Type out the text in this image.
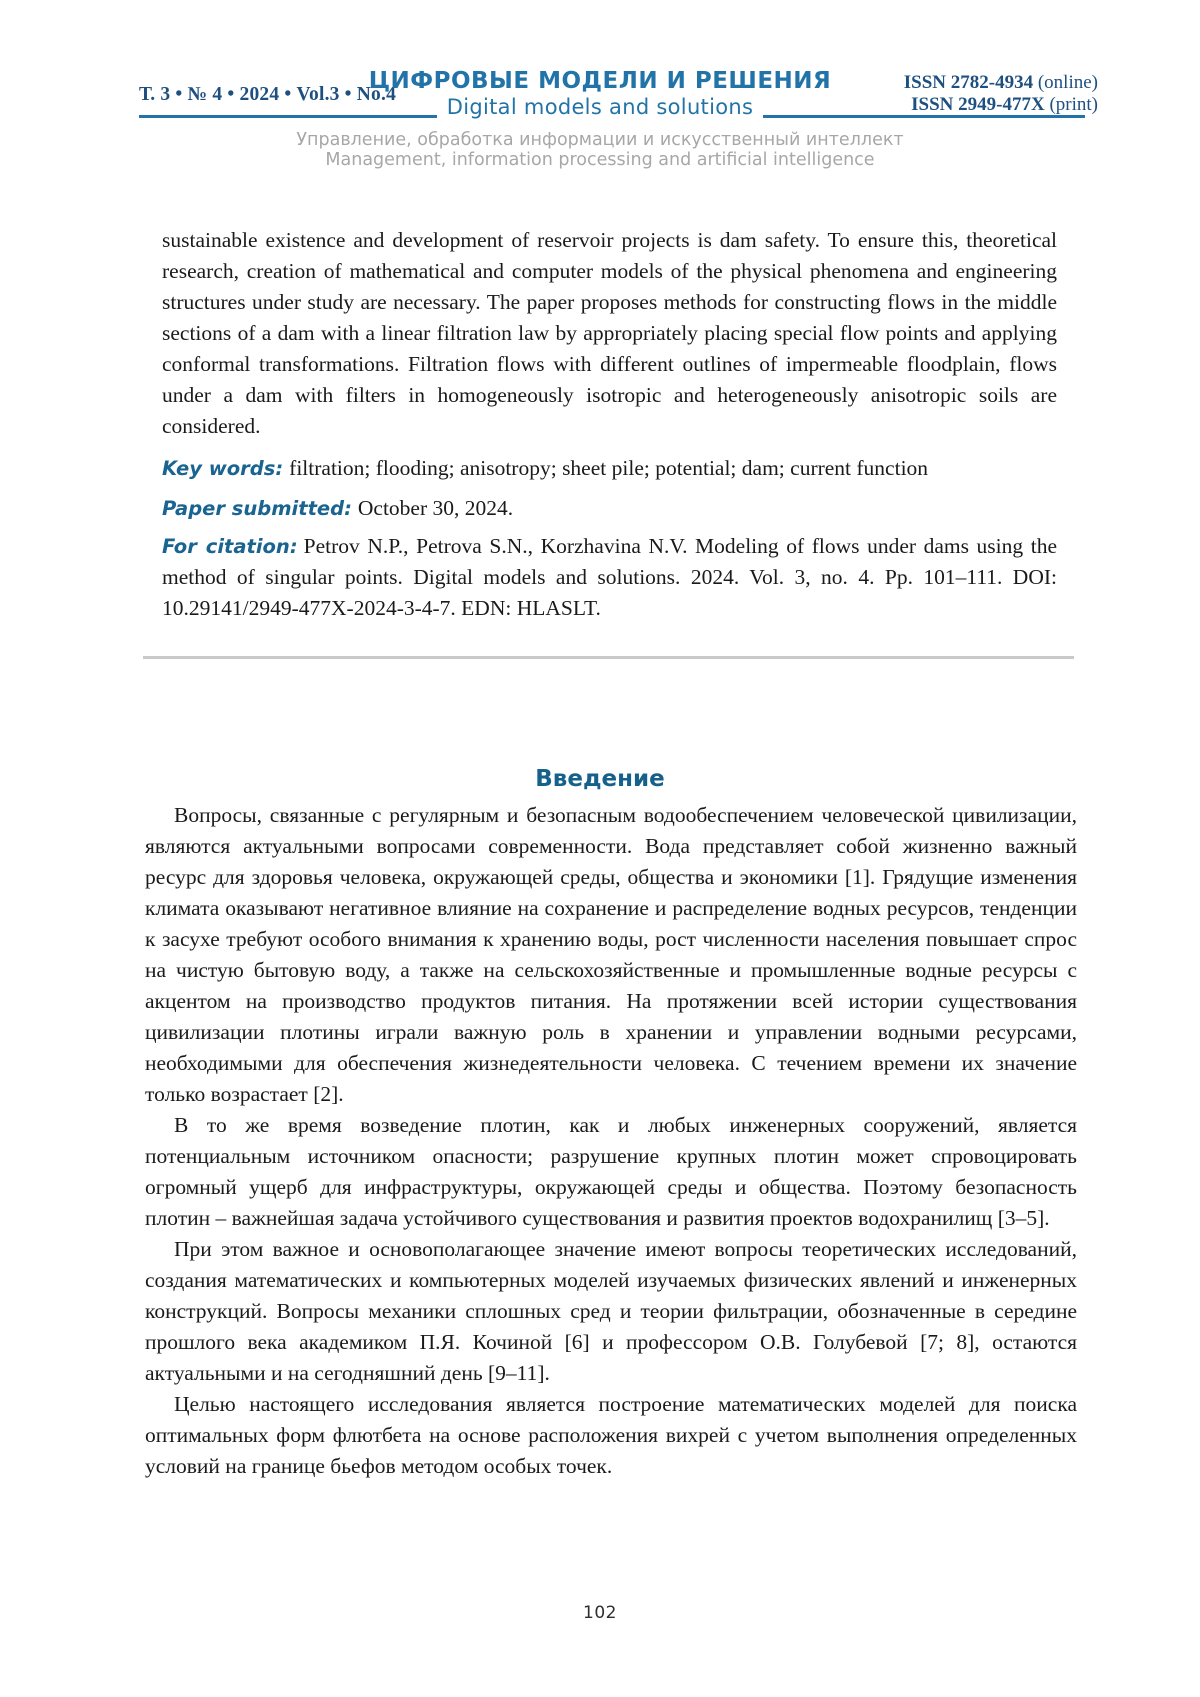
Т. 3 • № 4 • 2024 • Vol.3 • No.4
ЦИФРОВЫЕ МОДЕЛИ И РЕШЕНИЯ
Digital models and solutions
ISSN 2782-4934 (online)
ISSN 2949-477X (print)
Управление, обработка информации и искусственный интеллект
Management, information processing and artificial intelligence

sustainable existence and development of reservoir projects is dam safety. To ensure this, theoretical research, creation of mathematical and computer models of the physical phenomena and engineering structures under study are necessary. The paper proposes methods for constructing flows in the middle sections of a dam with a linear filtration law by appropriately placing special flow points and applying conformal transformations. Filtration flows with different outlines of impermeable floodplain, flows under a dam with filters in homogeneously isotropic and heterogeneously anisotropic soils are considered.

Key words: filtration; flooding; anisotropy; sheet pile; potential; dam; current function

Paper submitted: October 30, 2024.

For citation: Petrov N.P., Petrova S.N., Korzhavina N.V. Modeling of flows under dams using the method of singular points. Digital models and solutions. 2024. Vol. 3, no. 4. Pp. 101–111. DOI: 10.29141/2949-477X-2024-3-4-7. EDN: HLASLT.

Введение

Вопросы, связанные с регулярным и безопасным водообеспечением человеческой цивилизации, являются актуальными вопросами современности. Вода представляет собой жизненно важный ресурс для здоровья человека, окружающей среды, общества и экономики [1]. Грядущие изменения климата оказывают негативное влияние на сохранение и распределение водных ресурсов, тенденции к засухе требуют особого внимания к хранению воды, рост численности населения повышает спрос на чистую бытовую воду, а также на сельскохозяйственные и промышленные водные ресурсы с акцентом на производство продуктов питания. На протяжении всей истории существования цивилизации плотины играли важную роль в хранении и управлении водными ресурсами, необходимыми для обеспечения жизнедеятельности человека. С течением времени их значение только возрастает [2].

В то же время возведение плотин, как и любых инженерных сооружений, является потенциальным источником опасности; разрушение крупных плотин может спровоцировать огромный ущерб для инфраструктуры, окружающей среды и общества. Поэтому безопасность плотин – важнейшая задача устойчивого существования и развития проектов водохранилищ [3–5].

При этом важное и основополагающее значение имеют вопросы теоретических исследований, создания математических и компьютерных моделей изучаемых физических явлений и инженерных конструкций. Вопросы механики сплошных сред и теории фильтрации, обозначенные в середине прошлого века академиком П.Я. Кочиной [6] и профессором О.В. Голубевой [7; 8], остаются актуальными и на сегодняшний день [9–11].

Целью настоящего исследования является построение математических моделей для поиска оптимальных форм флютбета на основе расположения вихрей с учетом выполнения определенных условий на границе бьефов методом особых точек.

102
